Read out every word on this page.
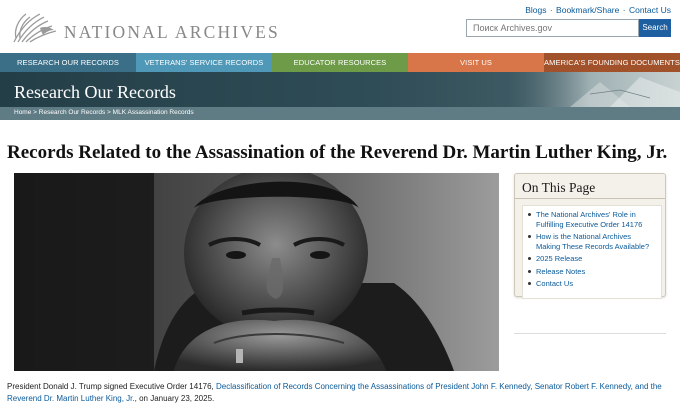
NATIONAL ARCHIVES
Blogs · Bookmark/Share · Contact Us
Поиск Archives.gov
Search
RESEARCH OUR RECORDS	VETERANS' SERVICE RECORDS	EDUCATOR RESOURCES	VISIT US	AMERICA'S FOUNDING DOCUMENTS
Research Our Records
Home > Research Our Records > MLK Assassination Records
Records Related to the Assassination of the Reverend Dr. Martin Luther King, Jr.
On This Page
The National Archives' Role in Fulfilling Executive Order 14176
How is the National Archives Making These Records Available?
2025 Release
Release Notes
Contact Us

President Donald J. Trump signed Executive Order 14176, Declassification of Records Concerning the Assassinations of President John F. Kennedy, Senator Robert F. Kennedy, and the Reverend Dr. Martin Luther King, Jr., on January 23, 2025.
